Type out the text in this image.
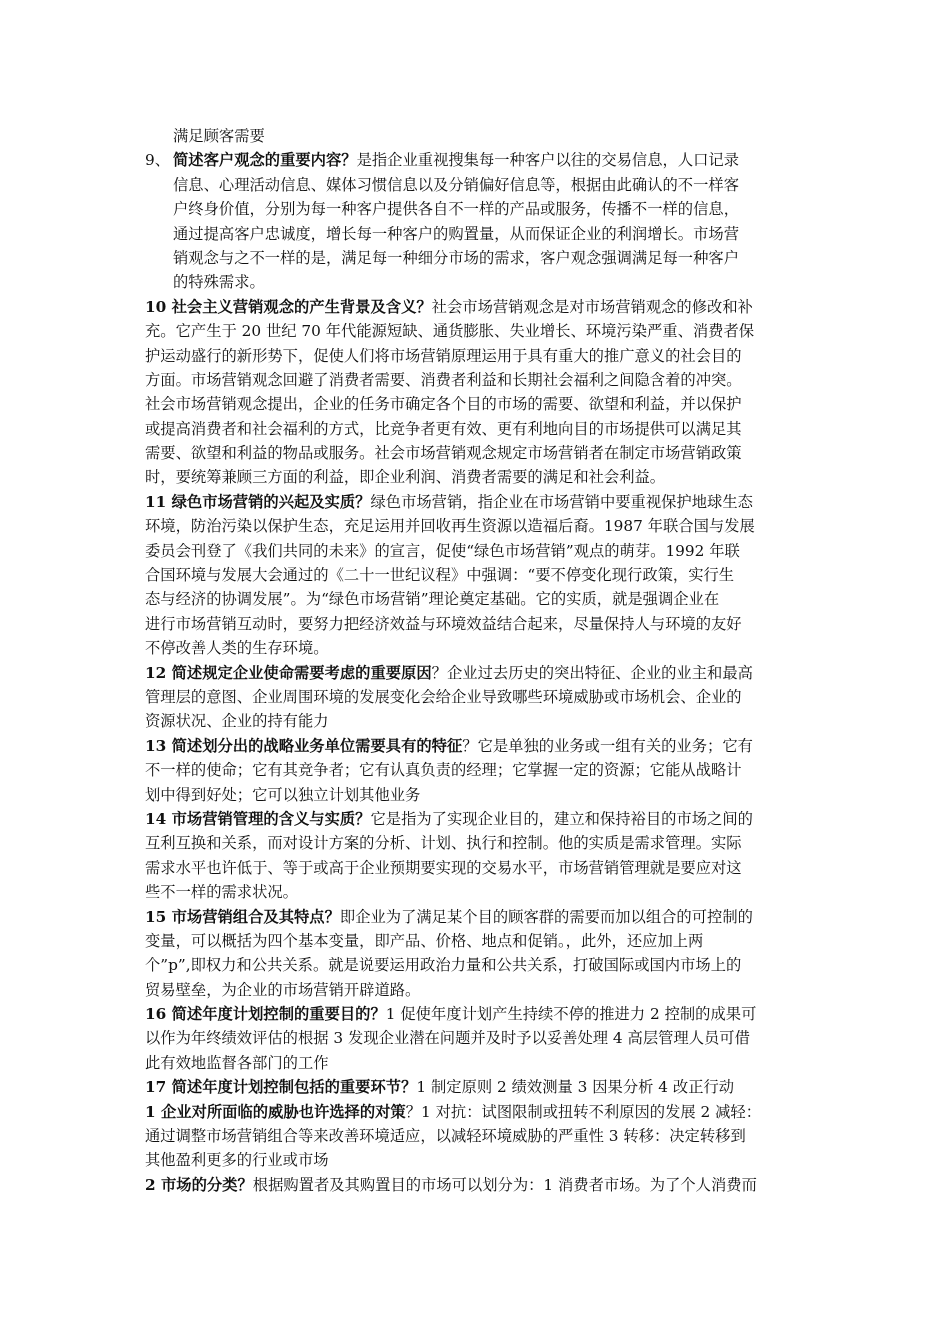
满足顾客需要
9、 简述客户观念的重要内容？是指企业重视搜集每一种客户以往的交易信息，人口记录
信息、心理活动信息、媒体习惯信息以及分销偏好信息等，根据由此确认的不一样客
户终身价值，分别为每一种客户提供各自不一样的产品或服务，传播不一样的信息，
通过提高客户忠诚度，增长每一种客户的购置量，从而保证企业的利润增长。市场营
销观念与之不一样的是，满足每一种细分市场的需求，客户观念强调满足每一种客户
的特殊需求。
10 社会主义营销观念的产生背景及含义？社会市场营销观念是对市场营销观念的修改和补
充。它产生于 20 世纪 70 年代能源短缺、通货膨胀、失业增长、环境污染严重、消费者保
护运动盛行的新形势下，促使人们将市场营销原理运用于具有重大的推广意义的社会目的
方面。市场营销观念回避了消费者需要、消费者利益和长期社会福利之间隐含着的冲突。
社会市场营销观念提出，企业的任务市确定各个目的市场的需要、欲望和利益，并以保护
或提高消费者和社会福利的方式，比竞争者更有效、更有利地向目的市场提供可以满足其
需要、欲望和利益的物品或服务。社会市场营销观念规定市场营销者在制定市场营销政策
时，要统筹兼顾三方面的利益，即企业利润、消费者需要的满足和社会利益。
11 绿色市场营销的兴起及实质？绿色市场营销，指企业在市场营销中要重视保护地球生态
环境，防治污染以保护生态，充足运用并回收再生资源以造福后裔。1987 年联合国与发展
委员会刊登了《我们共同的未来》的宣言，促使“绿色市场营销”观点的萌芽。1992 年联
合国环境与发展大会通过的《二十一世纪议程》中强调：“要不停变化现行政策，实行生
态与经济的协调发展”。为“绿色市场营销”理论奠定基础。它的实质，就是强调企业在
进行市场营销互动时，要努力把经济效益与环境效益结合起来，尽量保持人与环境的友好
不停改善人类的生存环境。
12 简述规定企业使命需要考虑的重要原因？企业过去历史的突出特征、企业的业主和最高
管理层的意图、企业周围环境的发展变化会给企业导致哪些环境威胁或市场机会、企业的
资源状况、企业的持有能力
13 简述划分出的战略业务单位需要具有的特征？它是单独的业务或一组有关的业务；它有
不一样的使命；它有其竞争者；它有认真负责的经理；它掌握一定的资源；它能从战略计
划中得到好处；它可以独立计划其他业务
14 市场营销管理的含义与实质？它是指为了实现企业目的，建立和保持裕目的市场之间的
互利互换和关系，而对设计方案的分析、计划、执行和控制。他的实质是需求管理。实际
需求水平也许低于、等于或高于企业预期要实现的交易水平，市场营销管理就是要应对这
些不一样的需求状况。
15 市场营销组合及其特点？即企业为了满足某个目的顾客群的需要而加以组合的可控制的
变量，可以概括为四个基本变量，即产品、价格、地点和促销。，此外，还应加上两
个”p”,即权力和公共关系。就是说要运用政治力量和公共关系，打破国际或国内市场上的
贸易壁垒，为企业的市场营销开辟道路。
16 简述年度计划控制的重要目的？1 促使年度计划产生持续不停的推进力 2 控制的成果可
以作为年终绩效评估的根据 3 发现企业潜在问题并及时予以妥善处理 4 高层管理人员可借
此有效地监督各部门的工作
17 简述年度计划控制包括的重要环节？1 制定原则 2 绩效测量 3 因果分析 4 改正行动
1 企业对所面临的威胁也许选择的对策？1 对抗：试图限制或扭转不利原因的发展 2 减轻：
通过调整市场营销组合等来改善环境适应，以减轻环境威胁的严重性 3 转移：决定转移到
其他盈利更多的行业或市场
2 市场的分类？根据购置者及其购置目的市场可以划分为：1 消费者市场。为了个人消费而
